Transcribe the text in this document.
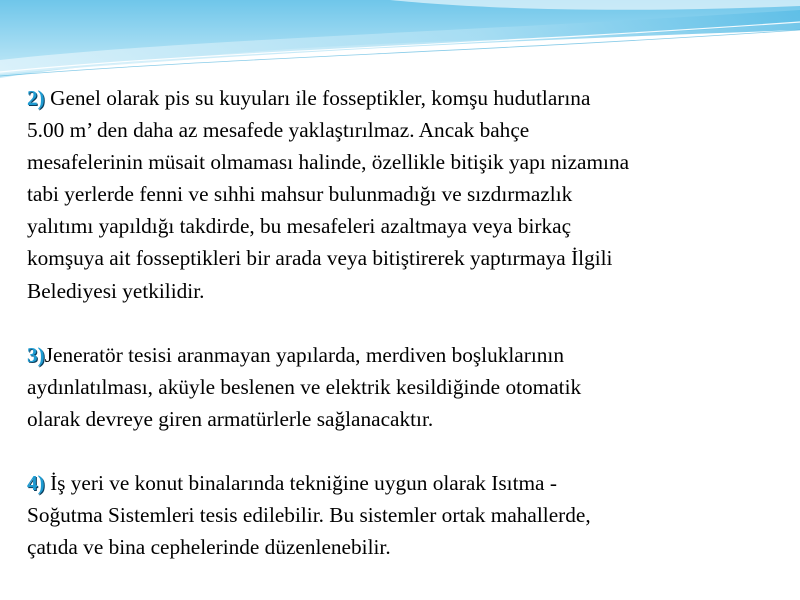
2) Genel olarak pis su kuyuları ile fosseptikler, komşu hudutlarına
5.00 m’ den daha az mesafede yaklaştırılmaz. Ancak bahçe
mesafelerinin müsait olmaması halinde, özellikle bitişik yapı nizamına
tabi yerlerde fenni ve sıhhi mahsur bulunmadığı ve sızdırmazlık
yalıtımı yapıldığı takdirde, bu mesafeleri azaltmaya veya birkaç
komşuya ait fosseptikleri bir arada veya bitiştirerek yaptırmaya İlgili
Belediyesi yetkilidir.

3)Jeneratör tesisi aranmayan yapılarda, merdiven boşluklarının
aydınlatılması, aküyle beslenen ve elektrik kesildiğinde otomatik
olarak devreye giren armatürlerle sağlanacaktır.

4) İş yeri ve konut binalarında tekniğine uygun olarak Isıtma -
Soğutma Sistemleri tesis edilebilir. Bu sistemler ortak mahallerde,
çatıda ve bina cephelerinde düzenlenebilir.
